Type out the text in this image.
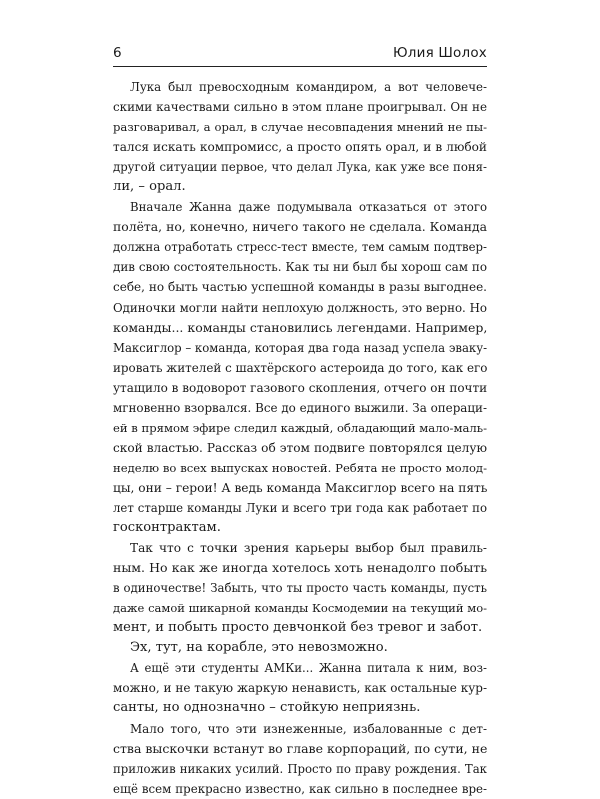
6	Юлия Шолох
Лука был превосходным командиром, а вот человече-
скими качествами сильно в этом плане проигрывал. Он не
разговаривал, а орал, в случае несовпадения мнений не пы-
тался искать компромисс, а просто опять орал, и в любой
другой ситуации первое, что делал Лука, как уже все поня-
ли, – орал.
Вначале Жанна даже подумывала отказаться от этого
полёта, но, конечно, ничего такого не сделала. Команда
должна отработать стресс-тест вместе, тем самым подтвер-
див свою состоятельность. Как ты ни был бы хорош сам по
себе, но быть частью успешной команды в разы выгоднее.
Одиночки могли найти неплохую должность, это верно. Но
команды... команды становились легендами. Например,
Максиглор – команда, которая два года назад успела эваку-
ировать жителей с шахтёрского астероида до того, как его
утащило в водоворот газового скопления, отчего он почти
мгновенно взорвался. Все до единого выжили. За операци-
ей в прямом эфире следил каждый, обладающий мало-маль-
ской властью. Рассказ об этом подвиге повторялся целую
неделю во всех выпусках новостей. Ребята не просто молод-
цы, они – герои! А ведь команда Максиглор всего на пять
лет старше команды Луки и всего три года как работает по
госконтрактам.
Так что с точки зрения карьеры выбор был правиль-
ным. Но как же иногда хотелось хоть ненадолго побыть
в одиночестве! Забыть, что ты просто часть команды, пусть
даже самой шикарной команды Космодемии на текущий мо-
мент, и побыть просто девчонкой без тревог и забот.
Эх, тут, на корабле, это невозможно.
А ещё эти студенты АМКи... Жанна питала к ним, воз-
можно, и не такую жаркую ненависть, как остальные кур-
санты, но однозначно – стойкую неприязнь.
Мало того, что эти изнеженные, избалованные с дет-
ства выскочки встанут во главе корпораций, по сути, не
приложив никаких усилий. Просто по праву рождения. Так
ещё всем прекрасно известно, как сильно в последнее вре-
